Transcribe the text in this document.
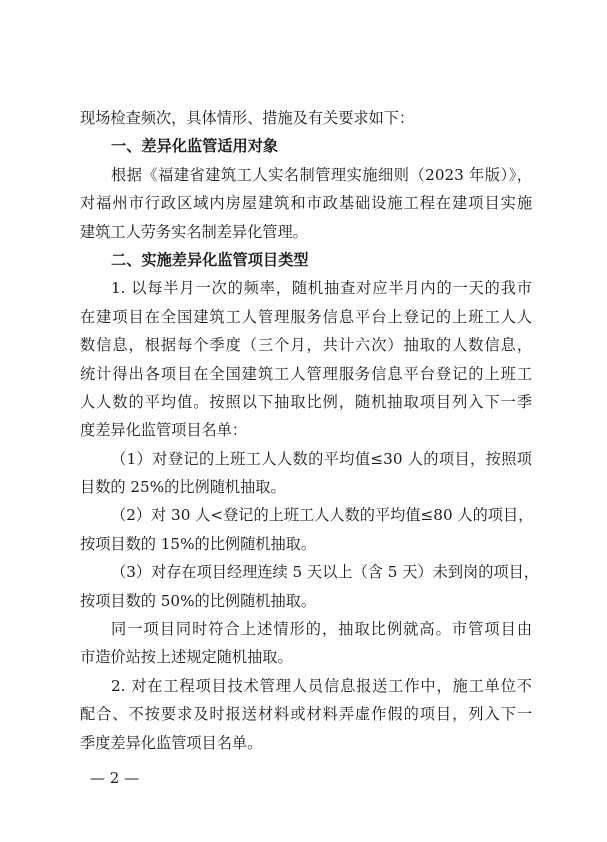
现场检查频次，具体情形、措施及有关要求如下：
一、差异化监管适用对象
根据《福建省建筑工人实名制管理实施细则（2023 年版）》，
对福州市行政区域内房屋建筑和市政基础设施工程在建项目实施
建筑工人劳务实名制差异化管理。
二、实施差异化监管项目类型
1. 以每半月一次的频率，随机抽查对应半月内的一天的我市
在建项目在全国建筑工人管理服务信息平台上登记的上班工人人
数信息，根据每个季度（三个月，共计六次）抽取的人数信息，
统计得出各项目在全国建筑工人管理服务信息平台登记的上班工
人人数的平均值。按照以下抽取比例，随机抽取项目列入下一季
度差异化监管项目名单：
（1）对登记的上班工人人数的平均值≤30 人的项目，按照项
目数的 25%的比例随机抽取。
（2）对 30 人<登记的上班工人人数的平均值≤80 人的项目，
按项目数的 15%的比例随机抽取。
（3）对存在项目经理连续 5 天以上（含 5 天）未到岗的项目，
按项目数的 50%的比例随机抽取。
同一项目同时符合上述情形的，抽取比例就高。市管项目由
市造价站按上述规定随机抽取。
2. 对在工程项目技术管理人员信息报送工作中，施工单位不
配合、不按要求及时报送材料或材料弄虚作假的项目，列入下一
季度差异化监管项目名单。
— 2 —
